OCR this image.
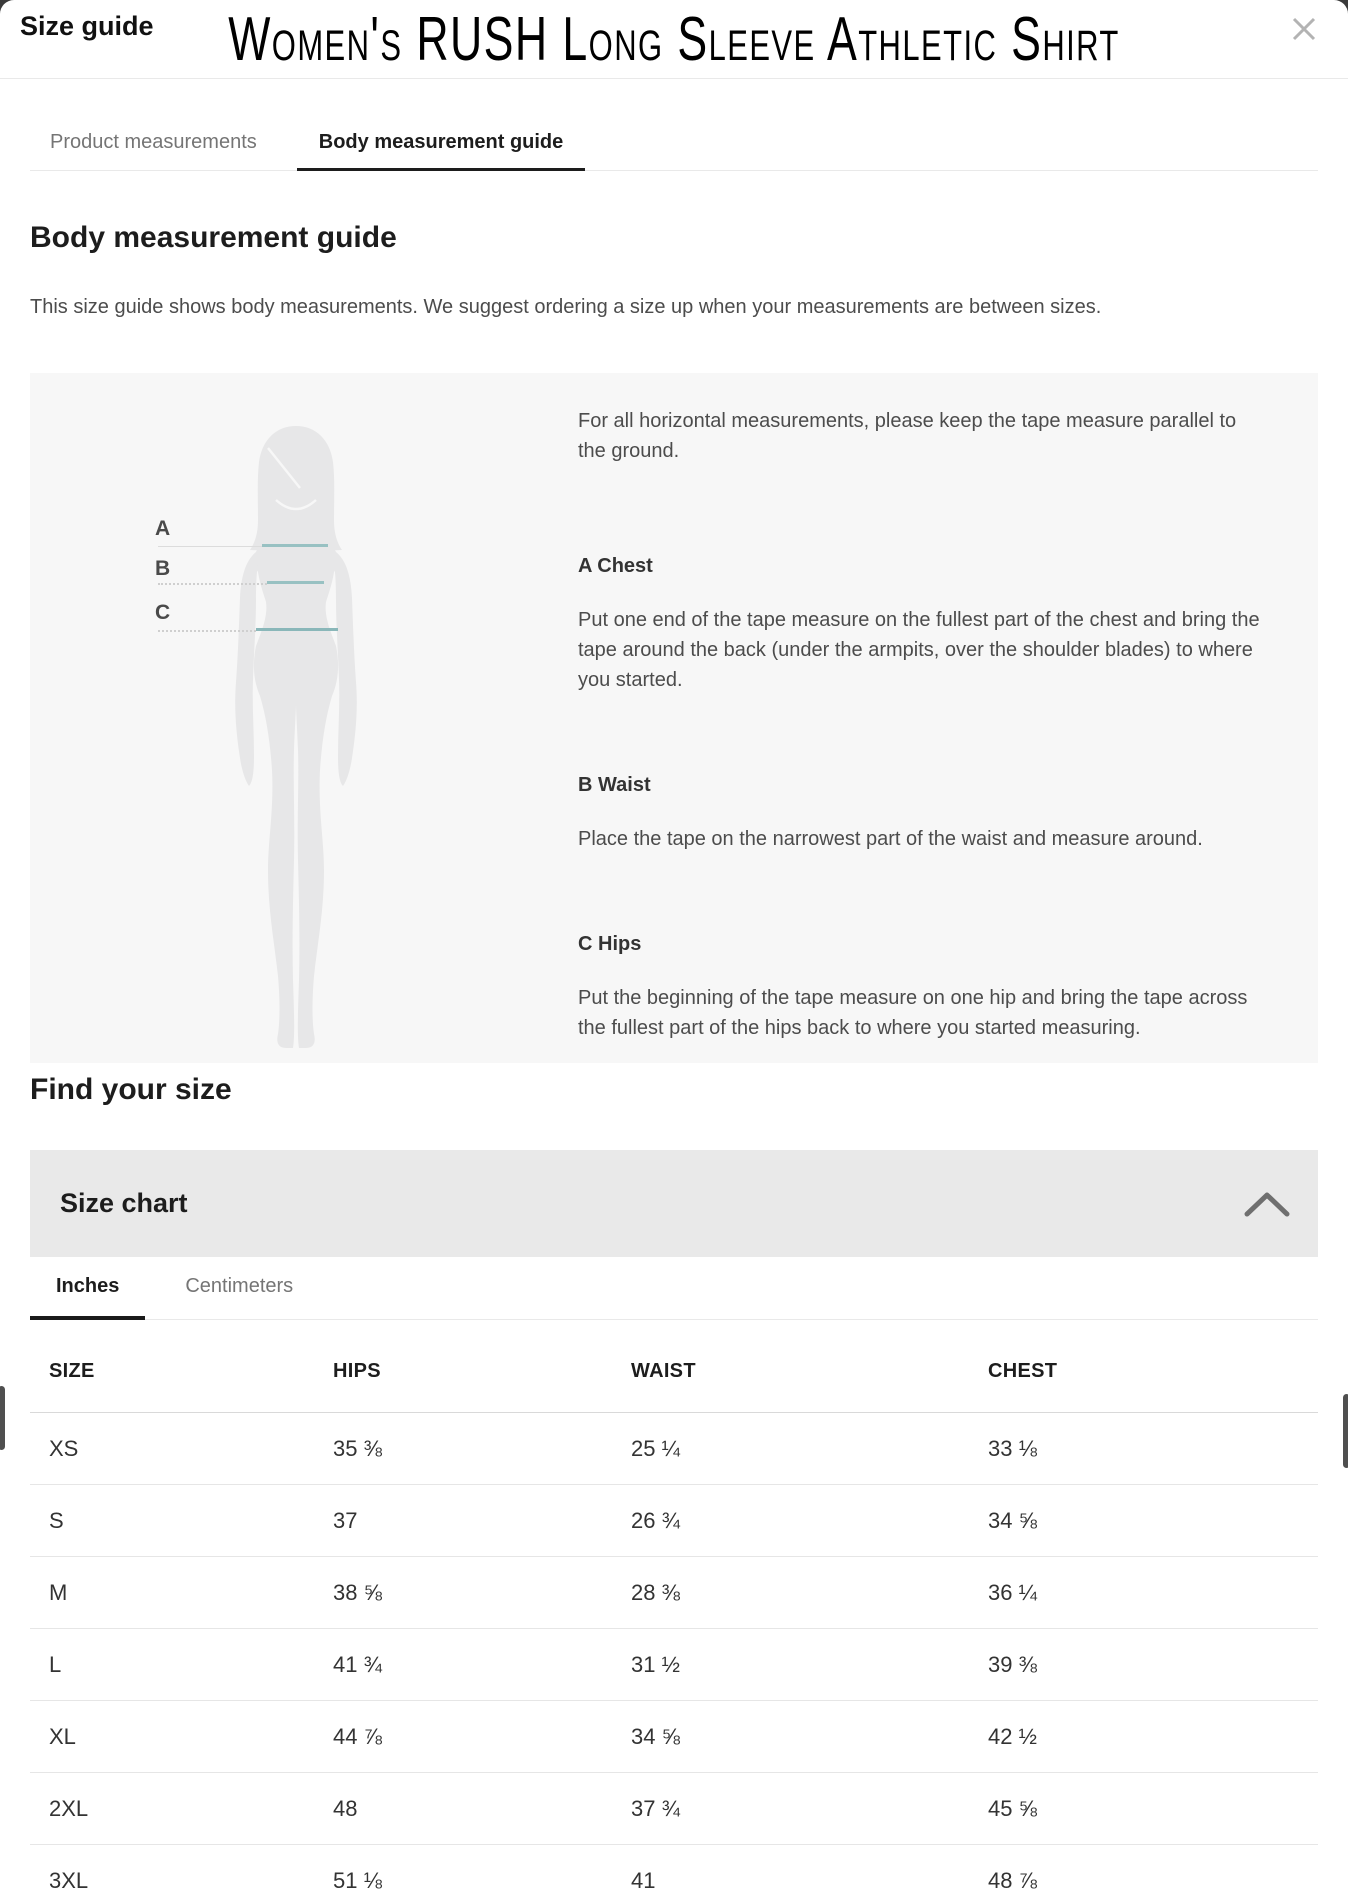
Size guide	Women's RUSH Long Sleeve Athletic Shirt
Product measurements	Body measurement guide
Body measurement guide

This size guide shows body measurements. We suggest ordering a size up when your measurements are between sizes.

A
B
C

For all horizontal measurements, please keep the tape measure parallel to the ground.

A Chest

Put one end of the tape measure on the fullest part of the chest and bring the tape around the back (under the armpits, over the shoulder blades) to where you started.

B Waist

Place the tape on the narrowest part of the waist and measure around.

C Hips

Put the beginning of the tape measure on one hip and bring the tape across the fullest part of the hips back to where you started measuring.

Find your size
Size chart
Inches	Centimeters
SIZE	HIPS	WAIST	CHEST
XS	35 ⅜	25 ¼	33 ⅛
S	37	26 ¾	34 ⅝
M	38 ⅝	28 ⅜	36 ¼
L	41 ¾	31 ½	39 ⅜
XL	44 ⅞	34 ⅝	42 ½
2XL	48	37 ¾	45 ⅝
3XL	51 ⅛	41	48 ⅞
